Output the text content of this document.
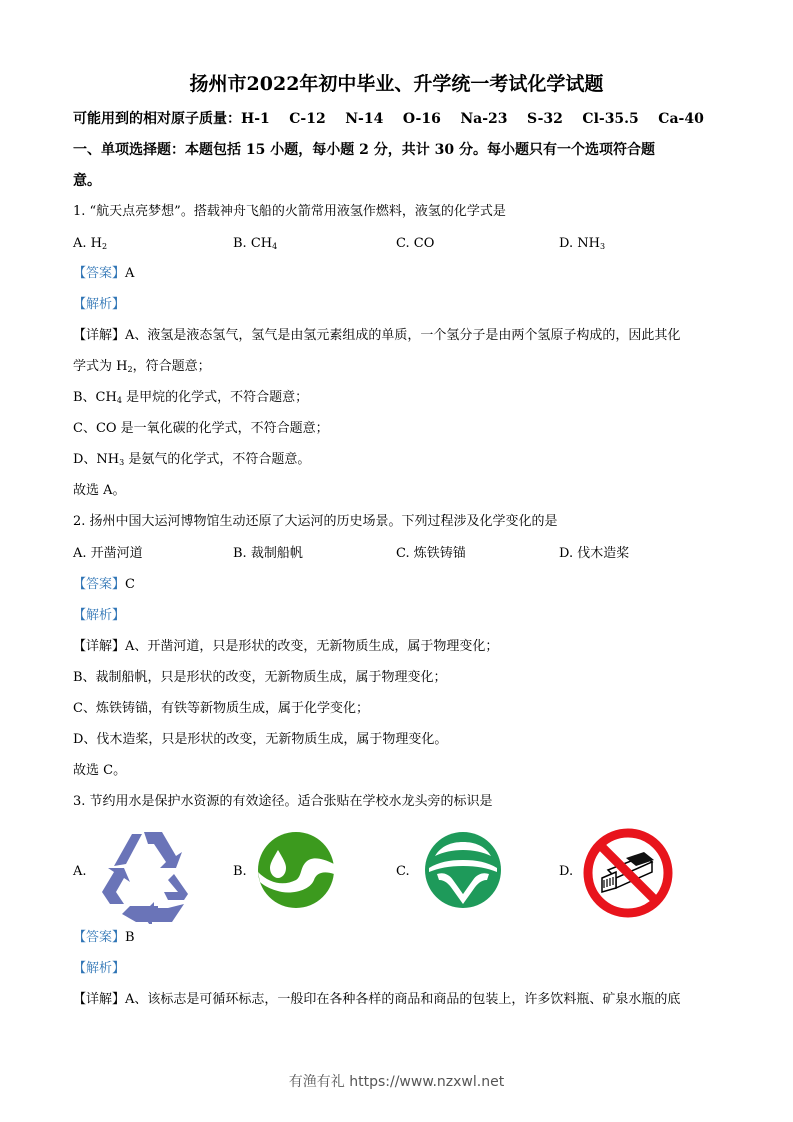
扬州市2022年初中毕业、升学统一考试化学试题
可能用到的相对原子质量：H-1 C-12 N-14 O-16 Na-23 S-32 Cl-35.5 Ca-40
一、单项选择题：本题包括 15 小题，每小题 2 分，共计 30 分。每小题只有一个选项符合题
意。
1. “航天点亮梦想”。搭载神舟飞船的火箭常用液氢作燃料，液氢的化学式是
A. $H_2$	B. $CH_4$	C. CO	D. $NH_3$
【答案】A
【解析】
【详解】A、液氢是液态氢气，氢气是由氢元素组成的单质，一个氢分子是由两个氢原子构成的，因此其化
学式为 $H_2$，符合题意；
B、$CH_4$ 是甲烷的化学式，不符合题意；
C、CO 是一氧化碳的化学式，不符合题意；
D、$NH_3$ 是氨气的化学式，不符合题意。
故选 A。
2. 扬州中国大运河博物馆生动还原了大运河的历史场景。下列过程涉及化学变化的是
A. 开凿河道	B. 裁制船帆	C. 炼铁铸锚	D. 伐木造桨
【答案】C
【解析】
【详解】A、开凿河道，只是形状的改变，无新物质生成，属于物理变化；
B、裁制船帆，只是形状的改变，无新物质生成，属于物理变化；
C、炼铁铸锚，有铁等新物质生成，属于化学变化；
D、伐木造桨，只是形状的改变，无新物质生成，属于物理变化。
故选 C。
3. 节约用水是保护水资源的有效途径。适合张贴在学校水龙头旁的标识是
A.	B.	C.	D.
【答案】B
【解析】
【详解】A、该标志是可循环标志，一般印在各种各样的商品和商品的包装上，许多饮料瓶、矿泉水瓶的底
有渔有礼 https://www.nzxwl.net
